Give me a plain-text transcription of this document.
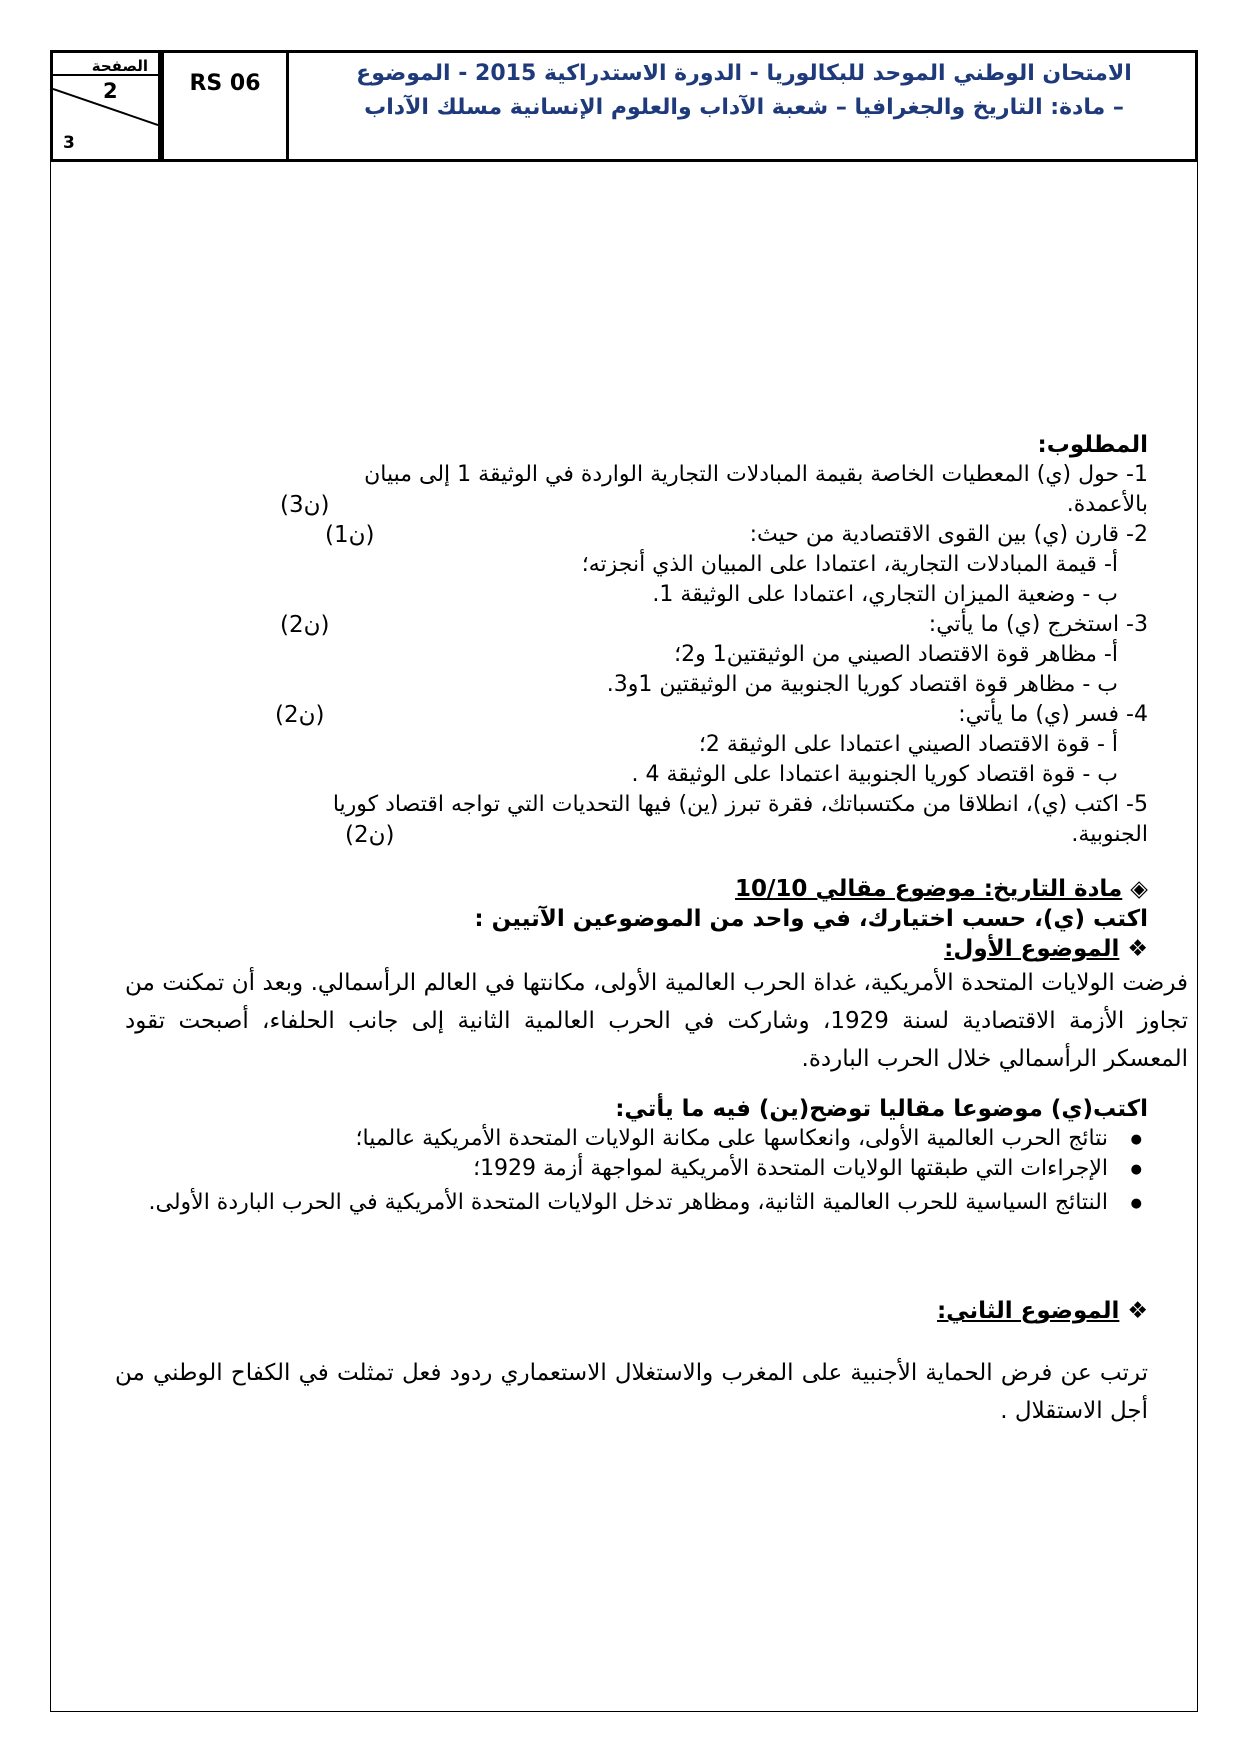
الصفحة
2
3
RS 06	الامتحان الوطني الموحد للبكالوريا - الدورة الاستدراكية 2015 - الموضوع
– مادة: التاريخ والجغرافيا – شعبة الآداب والعلوم الإنسانية مسلك الآداب

المطلوب:

1- حول (ي) المعطيات الخاصة بقيمة المبادلات التجارية الواردة في الوثيقة 1 إلى مبيان

بالأعمدة.
(3ن)

2- قارن (ي) بين القوى الاقتصادية من حيث:
(1ن)

أ- قيمة المبادلات التجارية، اعتمادا على المبيان الذي أنجزته؛

ب - وضعية الميزان التجاري، اعتمادا على الوثيقة 1.

3- استخرج (ي) ما يأتي:
(2ن)

أ- مظاهر قوة الاقتصاد الصيني من الوثيقتين1 و2؛

ب - مظاهر قوة اقتصاد كوريا الجنوبية من الوثيقتين 1و3.

4- فسر (ي) ما يأتي:
(2ن)

أ - قوة الاقتصاد الصيني اعتمادا على الوثيقة 2؛

ب - قوة اقتصاد كوريا الجنوبية اعتمادا على الوثيقة 4 .

5- اكتب (ي)، انطلاقا من مكتسباتك، فقرة تبرز (ين) فيها التحديات التي تواجه اقتصاد كوريا

الجنوبية.
(2ن)

◈ مادة التاريخ: موضوع مقالي 10/10

اكتب (ي)، حسب اختيارك، في واحد من الموضوعين الآتيين :

❖ الموضوع الأول:

فرضت الولايات المتحدة الأمريكية، غداة الحرب العالمية الأولى، مكانتها في العالم الرأسمالي. وبعد أن تمكنت من تجاوز الأزمة الاقتصادية لسنة 1929، وشاركت في الحرب العالمية الثانية إلى جانب الحلفاء، أصبحت تقود المعسكر الرأسمالي خلال الحرب الباردة.

اكتب(ي) موضوعا مقاليا توضح(ين) فيه ما يأتي:

● نتائج الحرب العالمية الأولى، وانعكاسها على مكانة الولايات المتحدة الأمريكية عالميا؛
● الإجراءات التي طبقتها الولايات المتحدة الأمريكية لمواجهة أزمة 1929؛
● النتائج السياسية للحرب العالمية الثانية، ومظاهر تدخل الولايات المتحدة الأمريكية في الحرب الباردة الأولى.

❖ الموضوع الثاني:

ترتب عن فرض الحماية الأجنبية على المغرب والاستغلال الاستعماري ردود فعل تمثلت في الكفاح الوطني من أجل الاستقلال .
